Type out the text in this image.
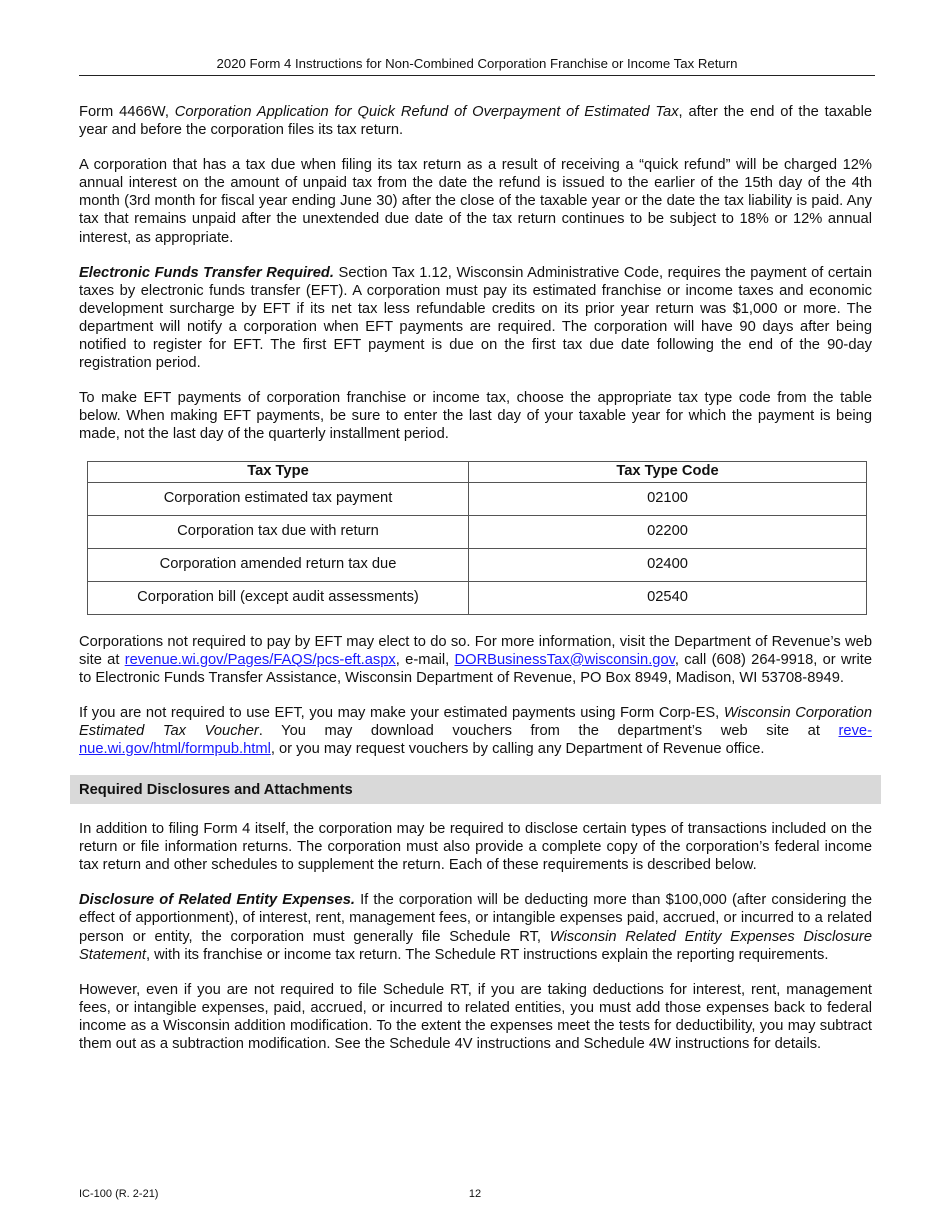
2020 Form 4 Instructions for Non-Combined Corporation Franchise or Income Tax Return

Form 4466W, Corporation Application for Quick Refund of Overpayment of Estimated Tax, after the end of the taxable year and before the corporation files its tax return.

A corporation that has a tax due when filing its tax return as a result of receiving a “quick refund” will be charged 12% annual interest on the amount of unpaid tax from the date the refund is issued to the earlier of the 15th day of the 4th month (3rd month for fiscal year ending June 30) after the close of the taxable year or the date the tax liability is paid. Any tax that remains unpaid after the unextended due date of the tax return continues to be subject to 18% or 12% annual interest, as appropriate.

Electronic Funds Transfer Required. Section Tax 1.12, Wisconsin Administrative Code, requires the payment of certain taxes by electronic funds transfer (EFT). A corporation must pay its estimated franchise or income taxes and economic development surcharge by EFT if its net tax less refundable credits on its prior year return was $1,000 or more. The department will notify a corporation when EFT payments are required. The corporation will have 90 days after being notified to register for EFT. The first EFT payment is due on the first tax due date following the end of the 90-day registration period.

To make EFT payments of corporation franchise or income tax, choose the appropriate tax type code from the table below. When making EFT payments, be sure to enter the last day of your taxable year for which the payment is being made, not the last day of the quarterly installment period.

Tax Type	Tax Type Code
Corporation estimated tax payment	02100
Corporation tax due with return	02200
Corporation amended return tax due	02400
Corporation bill (except audit assessments)	02540

Corporations not required to pay by EFT may elect to do so. For more information, visit the Department of Revenue’s web site at revenue.wi.gov/Pages/FAQS/pcs-eft.aspx, e-mail, DORBusinessTax@wisconsin.gov, call (608) 264-9918, or write to Electronic Funds Transfer Assistance, Wisconsin Department of Revenue, PO Box 8949, Madison, WI 53708-8949.

If you are not required to use EFT, you may make your estimated payments using Form Corp-ES, Wisconsin Corporation Estimated Tax Voucher. You may download vouchers from the department’s web site at revenue.wi.gov/html/formpub.html, or you may request vouchers by calling any Department of Revenue office.

Required Disclosures and Attachments

In addition to filing Form 4 itself, the corporation may be required to disclose certain types of transactions included on the return or file information returns. The corporation must also provide a complete copy of the corporation’s federal income tax return and other schedules to supplement the return. Each of these requirements is described below.

Disclosure of Related Entity Expenses. If the corporation will be deducting more than $100,000 (after considering the effect of apportionment), of interest, rent, management fees, or intangible expenses paid, accrued, or incurred to a related person or entity, the corporation must generally file Schedule RT, Wisconsin Related Entity Expenses Disclosure Statement, with its franchise or income tax return. The Schedule RT instructions explain the reporting requirements.

However, even if you are not required to file Schedule RT, if you are taking deductions for interest, rent, management fees, or intangible expenses, paid, accrued, or incurred to related entities, you must add those expenses back to federal income as a Wisconsin addition modification. To the extent the expenses meet the tests for deductibility, you may subtract them out as a subtraction modification. See the Schedule 4V instructions and Schedule 4W instructions for details.

IC-100 (R. 2-21)	12
